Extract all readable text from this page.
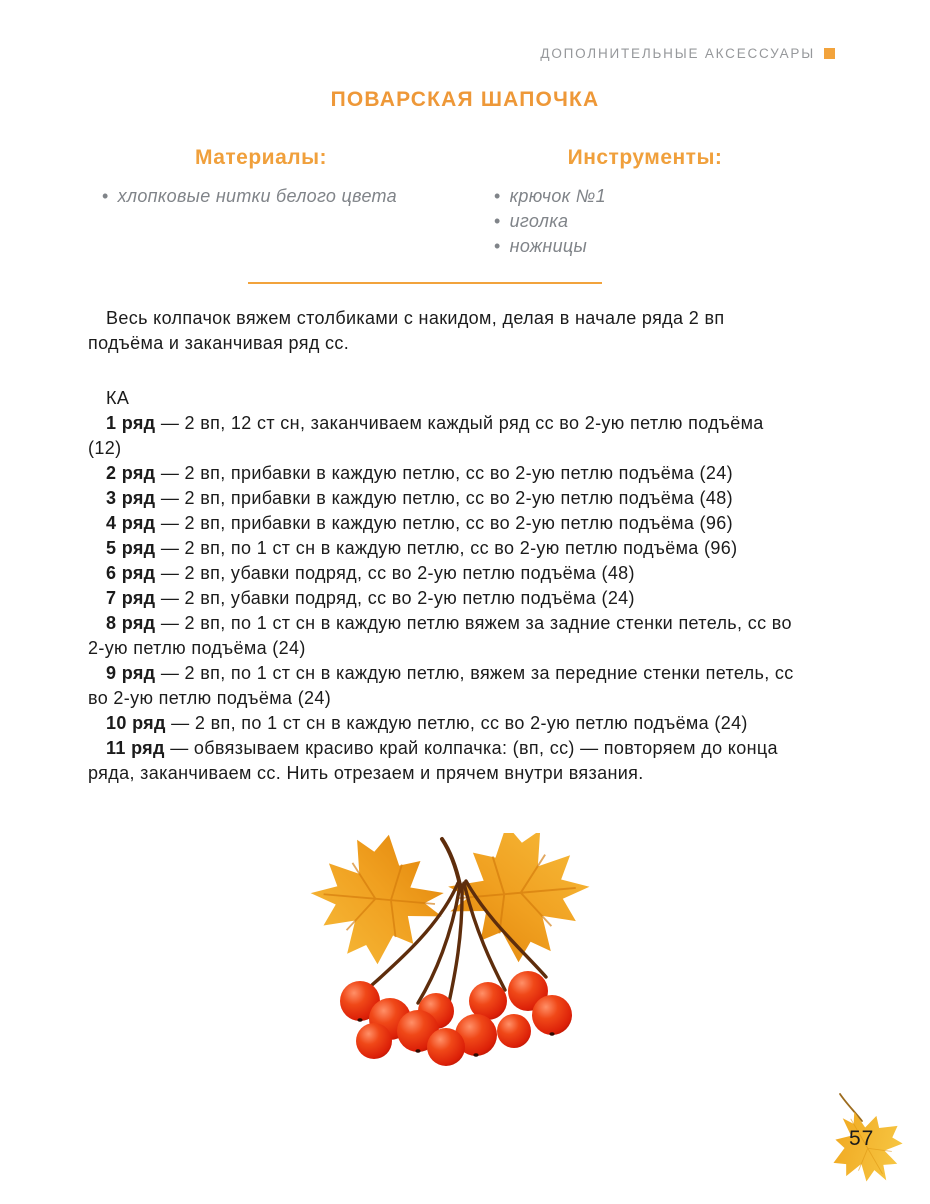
ДОПОЛНИТЕЛЬНЫЕ АКСЕССУАРЫ
ПОВАРСКАЯ ШАПОЧКА
Материалы:
• хлопковые нитки белого цвета
Инструменты:
• крючок №1
• иголка
• ножницы

Весь колпачок вяжем столбиками с накидом, делая в начале ряда 2 вп подъёма и заканчивая ряд сс.

КА

1 ряд — 2 вп, 12 ст сн, заканчиваем каждый ряд сс во 2-ую петлю подъёма (12)

2 ряд — 2 вп, прибавки в каждую петлю, сс во 2-ую петлю подъёма (24)

3 ряд — 2 вп, прибавки в каждую петлю, сс во 2-ую петлю подъёма (48)

4 ряд — 2 вп, прибавки в каждую петлю, сс во 2-ую петлю подъёма (96)

5 ряд — 2 вп, по 1 ст сн в каждую петлю, сс во 2-ую петлю подъёма (96)

6 ряд — 2 вп, убавки подряд, сс во 2-ую петлю подъёма (48)

7 ряд — 2 вп, убавки подряд, сс во 2-ую петлю подъёма (24)

8 ряд — 2 вп, по 1 ст сн в каждую петлю вяжем за задние стенки петель, сс во 2-ую петлю подъёма (24)

9 ряд — 2 вп, по 1 ст сн в каждую петлю, вяжем за передние стенки петель, сс во 2-ую петлю подъёма (24)

10 ряд — 2 вп, по 1 ст сн в каждую петлю, сс во 2-ую петлю подъёма (24)

11 ряд — обвязываем красиво край колпачка: (вп, сс) — повторяем до конца ряда, заканчиваем сс. Нить отрезаем и прячем внутри вязания.

57
